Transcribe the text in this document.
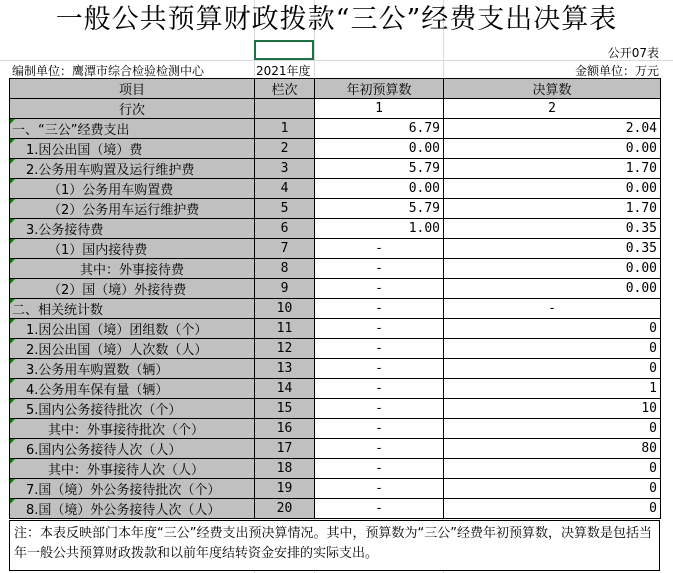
一般公共预算财政拨款“三公”经费支出决算表
公开07表
编制单位：鹰潭市综合检验检测中心	2021年度	金额单位：万元
项目	栏次	年初预算数	决算数
行次		1	2

一、“三公”经费支出	1	6.79	2.04

1.因公出国（境）费	2	0.00	0.00

2.公务用车购置及运行维护费	3	5.79	1.70

（1）公务用车购置费	4	0.00	0.00

（2）公务用车运行维护费	5	5.79	1.70

3.公务接待费	6	1.00	0.35

（1）国内接待费	7	-	0.35

其中：外事接待费	8	-	0.00

（2）国（境）外接待费	9	-	0.00

二、相关统计数	10	-	-

1.因公出国（境）团组数（个）	11	-	0

2.因公出国（境）人次数（人）	12	-	0

3.公务用车购置数（辆）	13	-	0

4.公务用车保有量（辆）	14	-	1

5.国内公务接待批次（个）	15	-	10

其中：外事接待批次（个）	16	-	0

6.国内公务接待人次（人）	17	-	80

其中：外事接待人次（人）	18	-	0

7.国（境）外公务接待批次（个）	19	-	0

8.国（境）外公务接待人次（人）	20	-	0
注：本表反映部门本年度“三公”经费支出预决算情况。其中，预算数为“三公”经费年初预算数，决算数是包括当年一般公共预算财政拨款和以前年度结转资金安排的实际支出。
